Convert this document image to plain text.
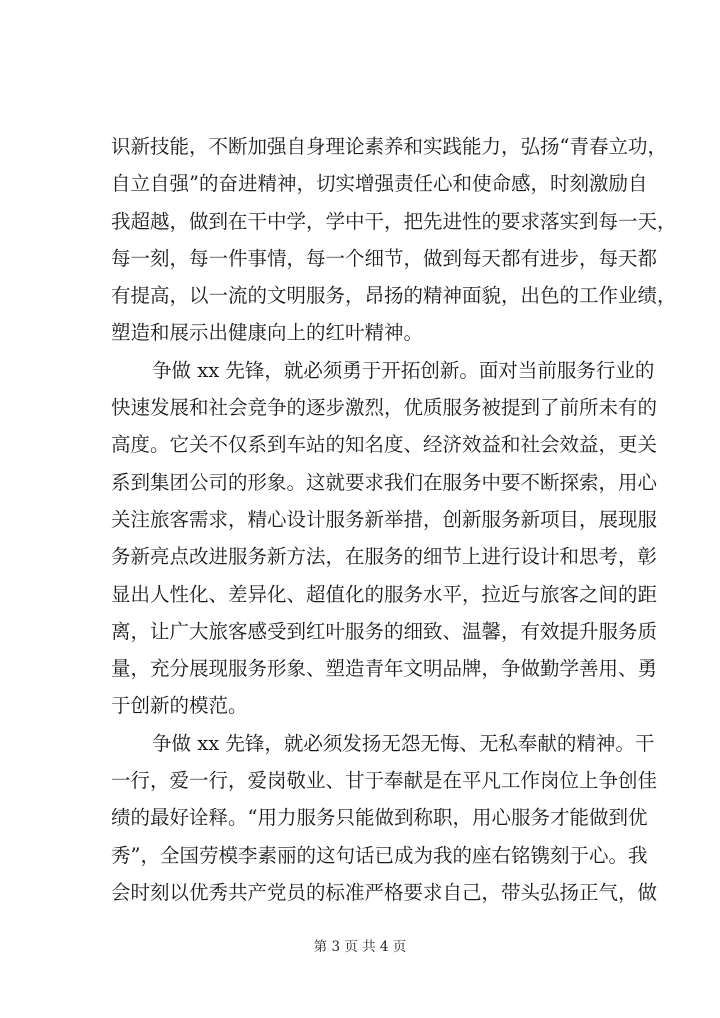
识新技能，不断加强自身理论素养和实践能力，弘扬“青春立功，
自立自强”的奋进精神，切实增强责任心和使命感，时刻激励自
我超越，做到在干中学，学中干，把先进性的要求落实到每一天，
每一刻，每一件事情，每一个细节，做到每天都有进步，每天都
有提高，以一流的文明服务，昂扬的精神面貌，出色的工作业绩，
塑造和展示出健康向上的红叶精神。
争做 xx 先锋，就必须勇于开拓创新。面对当前服务行业的
快速发展和社会竞争的逐步激烈，优质服务被提到了前所未有的
高度。它关不仅系到车站的知名度、经济效益和社会效益，更关
系到集团公司的形象。这就要求我们在服务中要不断探索，用心
关注旅客需求，精心设计服务新举措，创新服务新项目，展现服
务新亮点改进服务新方法，在服务的细节上进行设计和思考，彰
显出人性化、差异化、超值化的服务水平，拉近与旅客之间的距
离，让广大旅客感受到红叶服务的细致、温馨，有效提升服务质
量，充分展现服务形象、塑造青年文明品牌，争做勤学善用、勇
于创新的模范。
争做 xx 先锋，就必须发扬无怨无悔、无私奉献的精神。干
一行，爱一行，爱岗敬业、甘于奉献是在平凡工作岗位上争创佳
绩的最好诠释。“用力服务只能做到称职，用心服务才能做到优
秀”，全国劳模李素丽的这句话已成为我的座右铭镌刻于心。我
会时刻以优秀共产党员的标准严格要求自己，带头弘扬正气，做
第 3 页 共 4 页
